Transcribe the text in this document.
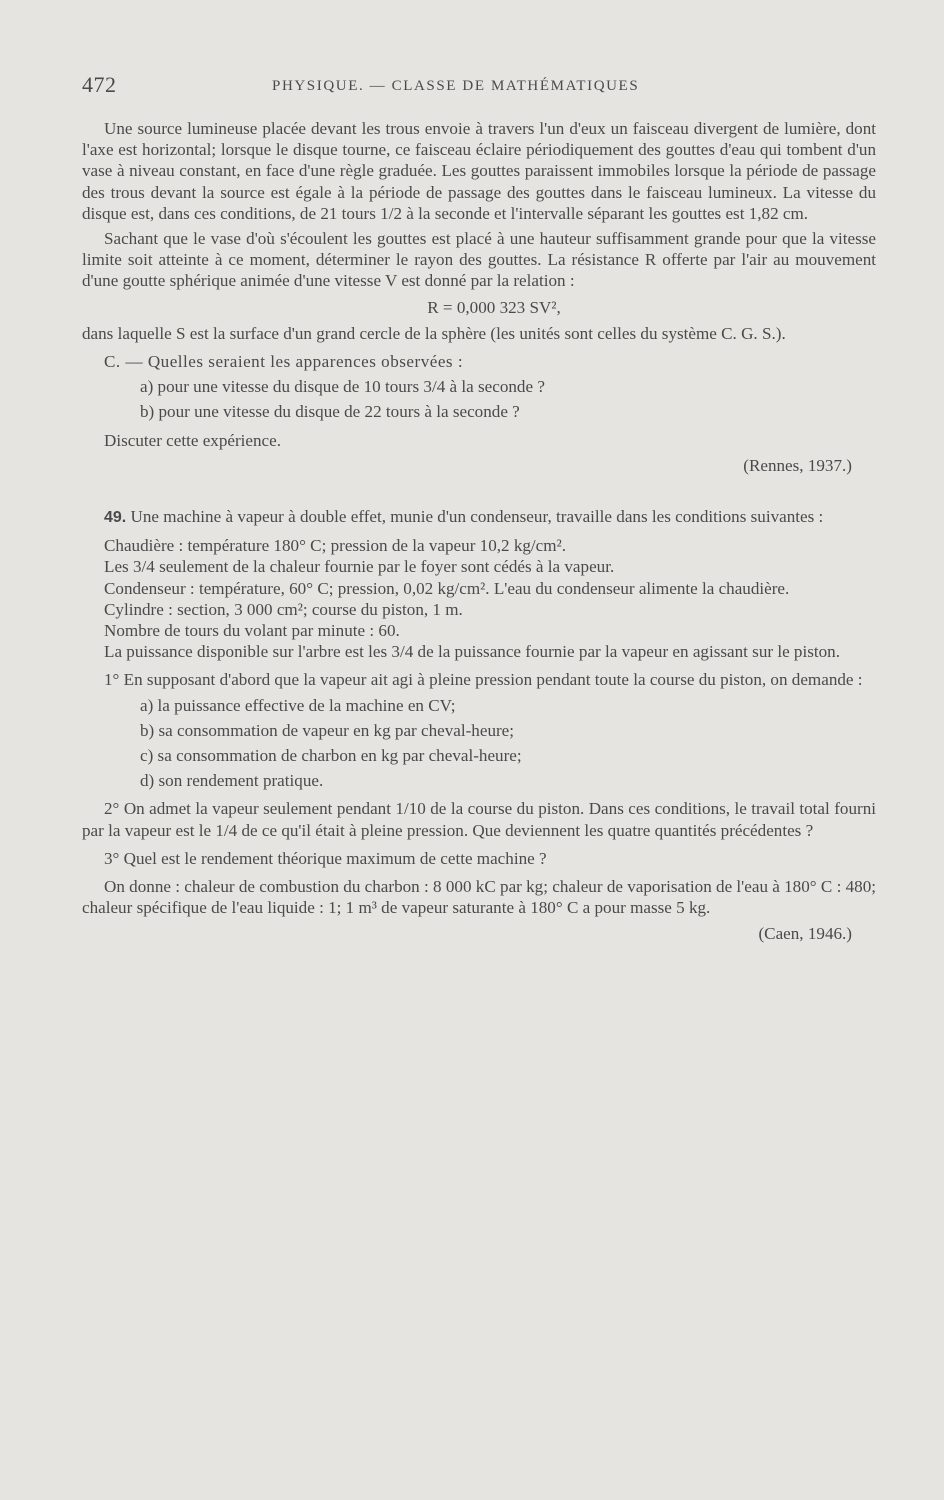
472	PHYSIQUE. — CLASSE DE MATHÉMATIQUES

Une source lumineuse placée devant les trous envoie à travers l'un d'eux un faisceau divergent de lumière, dont l'axe est horizontal; lorsque le disque tourne, ce faisceau éclaire périodiquement des gouttes d'eau qui tombent d'un vase à niveau constant, en face d'une règle graduée. Les gouttes paraissent immobiles lorsque la période de passage des trous devant la source est égale à la période de passage des gouttes dans le faisceau lumineux. La vitesse du disque est, dans ces conditions, de 21 tours 1/2 à la seconde et l'intervalle séparant les gouttes est 1,82 cm.

Sachant que le vase d'où s'écoulent les gouttes est placé à une hauteur suffisamment grande pour que la vitesse limite soit atteinte à ce moment, déterminer le rayon des gouttes. La résistance R offerte par l'air au mouvement d'une goutte sphérique animée d'une vitesse V est donné par la relation :

R = 0,000 323 SV²,

dans laquelle S est la surface d'un grand cercle de la sphère (les unités sont celles du système C. G. S.).

C. — Quelles seraient les apparences observées :

a) pour une vitesse du disque de 10 tours 3/4 à la seconde ?

b) pour une vitesse du disque de 22 tours à la seconde ?

Discuter cette expérience.

(Rennes, 1937.)

49. Une machine à vapeur à double effet, munie d'un condenseur, travaille dans les conditions suivantes :

Chaudière : température 180° C; pression de la vapeur 10,2 kg/cm².

Les 3/4 seulement de la chaleur fournie par le foyer sont cédés à la vapeur.

Condenseur : température, 60° C; pression, 0,02 kg/cm². L'eau du condenseur alimente la chaudière.

Cylindre : section, 3 000 cm²; course du piston, 1 m.

Nombre de tours du volant par minute : 60.

La puissance disponible sur l'arbre est les 3/4 de la puissance fournie par la vapeur en agissant sur le piston.

1° En supposant d'abord que la vapeur ait agi à pleine pression pendant toute la course du piston, on demande :

a) la puissance effective de la machine en CV;

b) sa consommation de vapeur en kg par cheval-heure;

c) sa consommation de charbon en kg par cheval-heure;

d) son rendement pratique.

2° On admet la vapeur seulement pendant 1/10 de la course du piston. Dans ces conditions, le travail total fourni par la vapeur est le 1/4 de ce qu'il était à pleine pression. Que deviennent les quatre quantités précédentes ?

3° Quel est le rendement théorique maximum de cette machine ?

On donne : chaleur de combustion du charbon : 8 000 kC par kg; chaleur de vaporisation de l'eau à 180° C : 480; chaleur spécifique de l'eau liquide : 1; 1 m³ de vapeur saturante à 180° C a pour masse 5 kg.

(Caen, 1946.)
